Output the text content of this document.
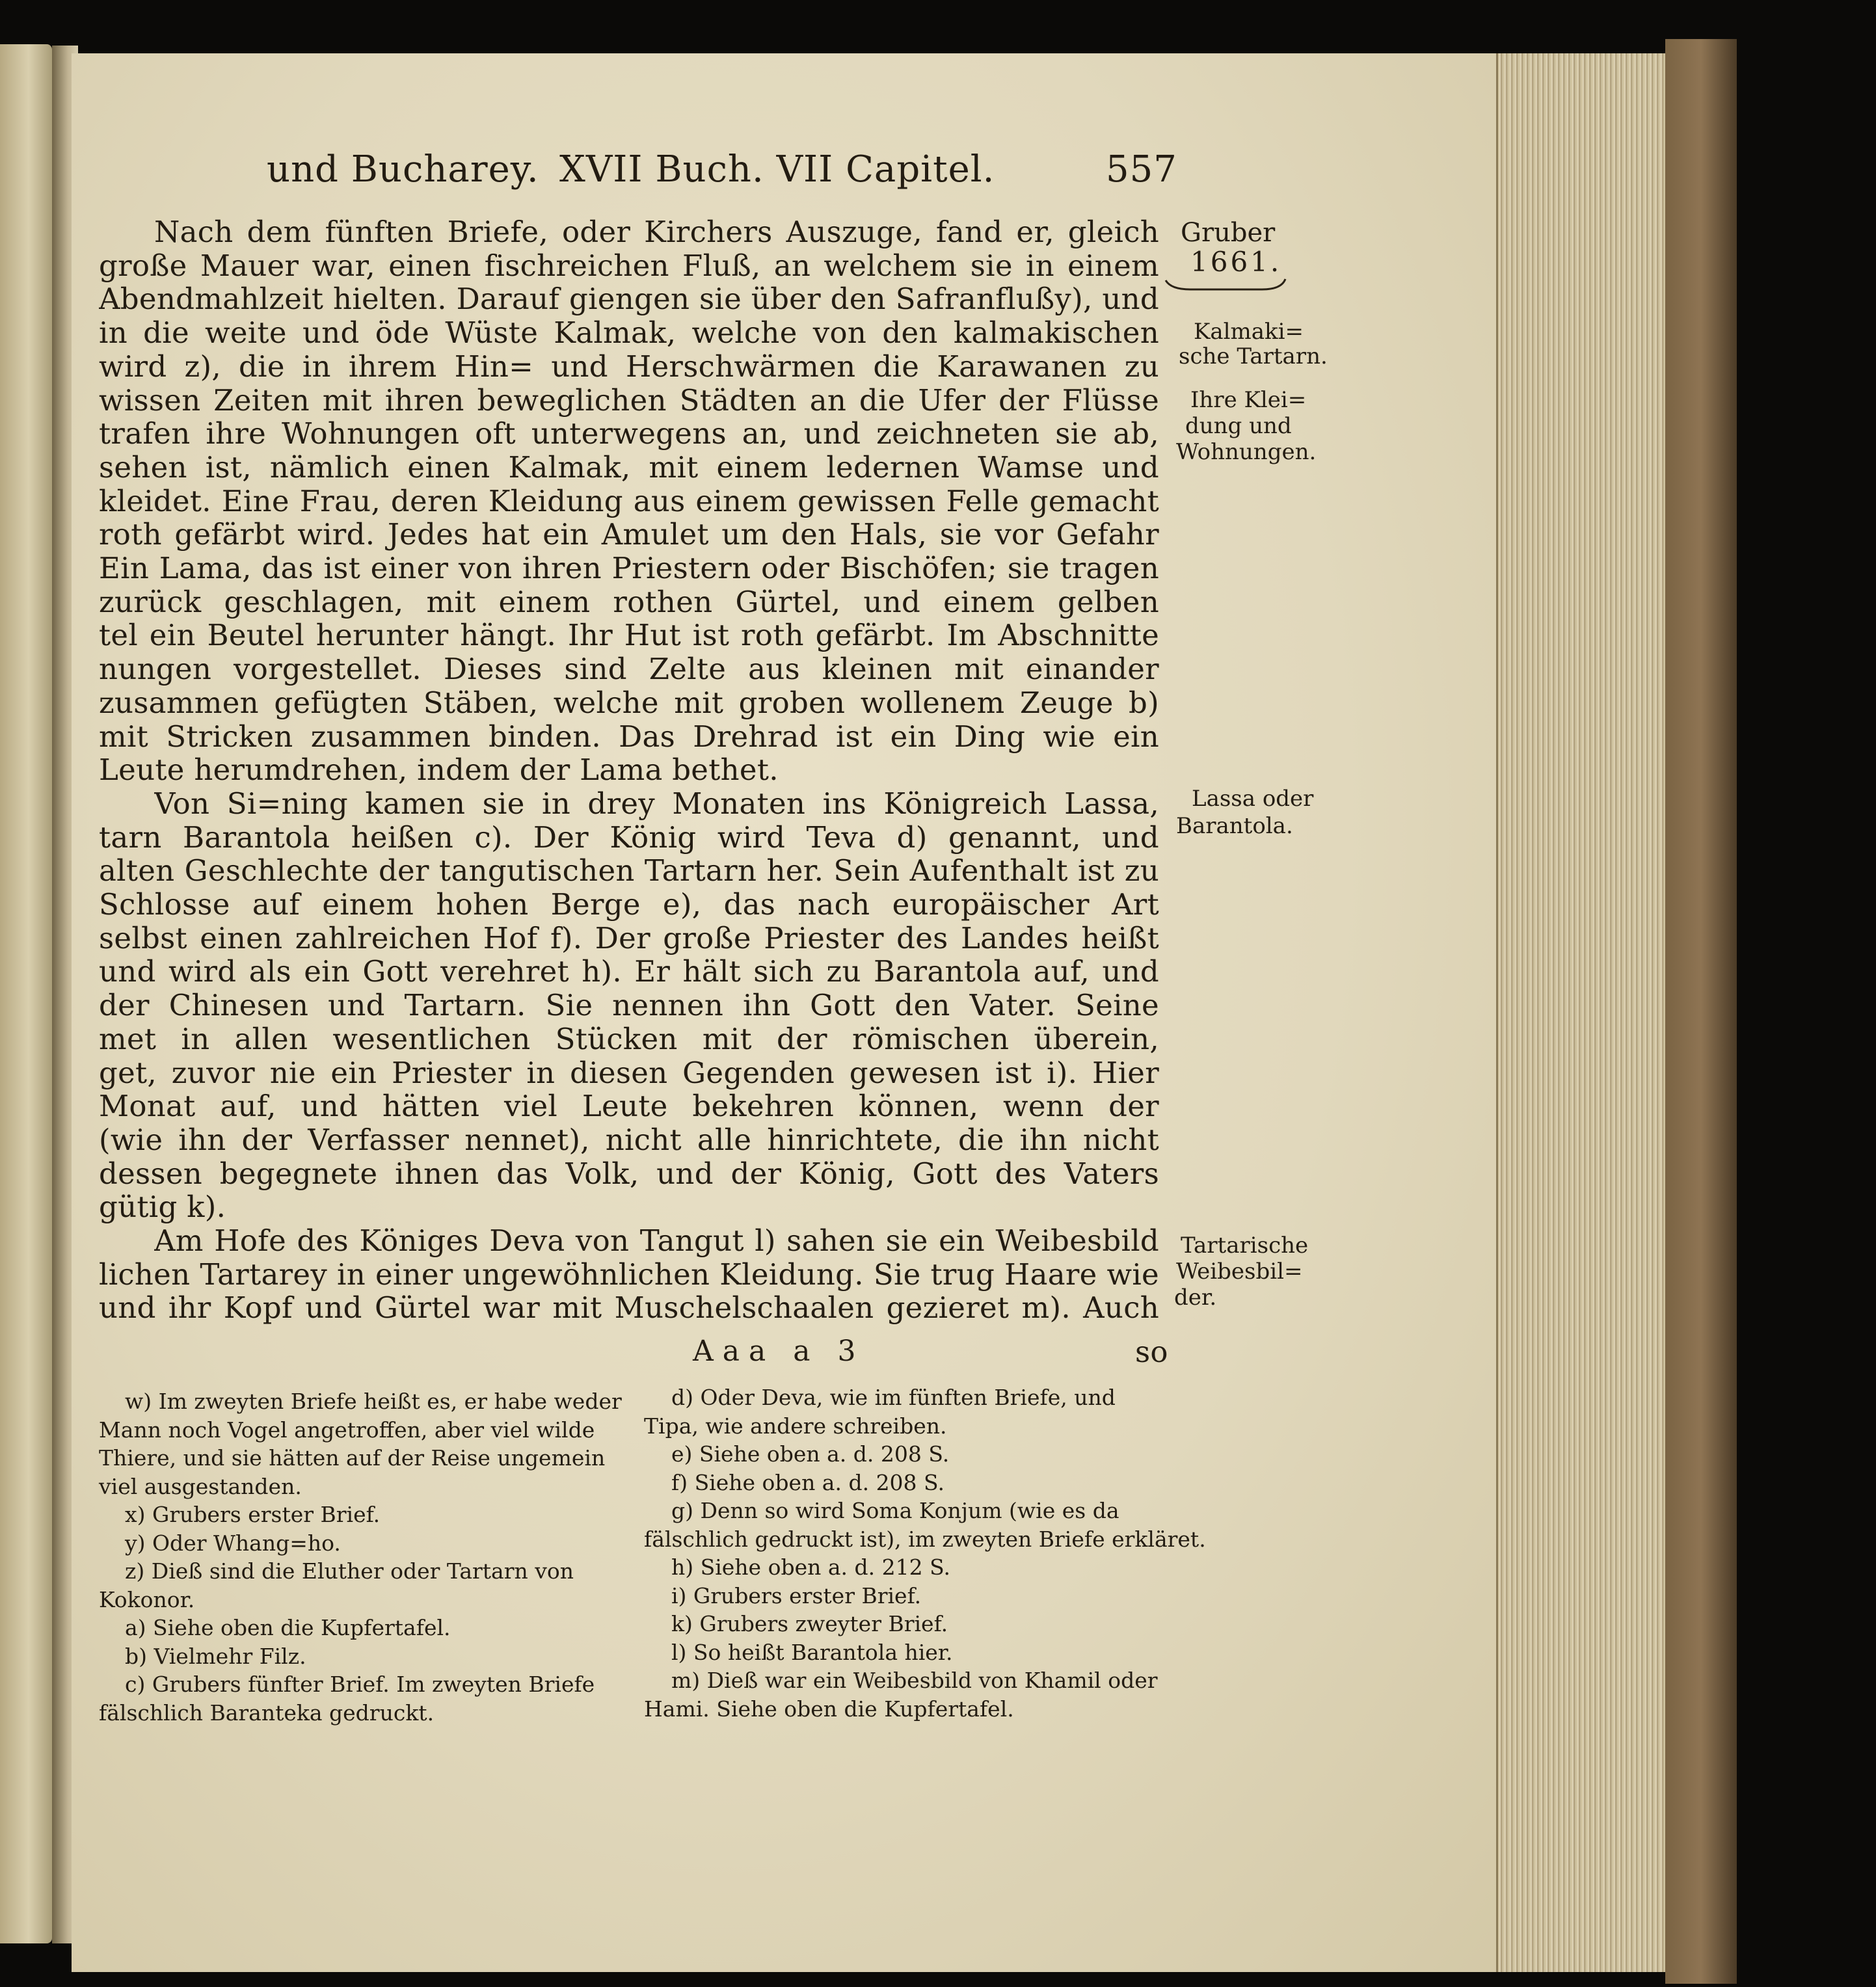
und Bucharey. XVII Buch. VII Capitel.	557
Nach dem fünften Briefe, oder Kirchers Auszuge, fand er, gleich
große Mauer war, einen fischreichen Fluß, an welchem sie in einem
Abendmahlzeit hielten. Darauf giengen sie über den Safranflußy), und
in die weite und öde Wüste Kalmak, welche von den kalmakischen
wird z), die in ihrem Hin= und Herschwärmen die Karawanen zu
wissen Zeiten mit ihren beweglichen Städten an die Ufer der Flüsse
trafen ihre Wohnungen oft unterwegens an, und zeichneten sie ab,
sehen ist, nämlich einen Kalmak, mit einem ledernen Wamse und
kleidet. Eine Frau, deren Kleidung aus einem gewissen Felle gemacht
roth gefärbt wird. Jedes hat ein Amulet um den Hals, sie vor Gefahr
Ein Lama, das ist einer von ihren Priestern oder Bischöfen; sie tragen
zurück geschlagen, mit einem rothen Gürtel, und einem gelben
tel ein Beutel herunter hängt. Ihr Hut ist roth gefärbt. Im Abschnitte
nungen vorgestellet. Dieses sind Zelte aus kleinen mit einander
zusammen gefügten Stäben, welche mit groben wollenem Zeuge b)
mit Stricken zusammen binden. Das Drehrad ist ein Ding wie ein
Leute herumdrehen, indem der Lama bethet.
Von Si=ning kamen sie in drey Monaten ins Königreich Lassa,
tarn Barantola heißen c). Der König wird Teva d) genannt, und
alten Geschlechte der tangutischen Tartarn her. Sein Aufenthalt ist zu
Schlosse auf einem hohen Berge e), das nach europäischer Art
selbst einen zahlreichen Hof f). Der große Priester des Landes heißt
und wird als ein Gott verehret h). Er hält sich zu Barantola auf, und
der Chinesen und Tartarn. Sie nennen ihn Gott den Vater. Seine
met in allen wesentlichen Stücken mit der römischen überein,
get, zuvor nie ein Priester in diesen Gegenden gewesen ist i). Hier
Monat auf, und hätten viel Leute bekehren können, wenn der
(wie ihn der Verfasser nennet), nicht alle hinrichtete, die ihn nicht
dessen begegnete ihnen das Volk, und der König, Gott des Vaters
gütig k).
Am Hofe des Königes Deva von Tangut l) sahen sie ein Weibesbild
lichen Tartarey in einer ungewöhnlichen Kleidung. Sie trug Haare wie
und ihr Kopf und Gürtel war mit Muschelschaalen gezieret m). Auch
Gruber
1661.
Kalmaki=
sche Tartarn.
Ihre Klei=
dung und
Wohnungen.
Lassa oder
Barantola.
Tartarische
Weibesbil=
der.
Aaa a 3	so
w) Im zweyten Briefe heißt es, er habe weder
Mann noch Vogel angetroffen, aber viel wilde
Thiere, und sie hätten auf der Reise ungemein
viel ausgestanden.
x) Grubers erster Brief.
y) Oder Whang=ho.
z) Dieß sind die Eluther oder Tartarn von
Kokonor.
a) Siehe oben die Kupfertafel.
b) Vielmehr Filz.
c) Grubers fünfter Brief. Im zweyten Briefe
fälschlich Baranteka gedruckt.
d) Oder Deva, wie im fünften Briefe, und
Tipa, wie andere schreiben.
e) Siehe oben a. d. 208 S.
f) Siehe oben a. d. 208 S.
g) Denn so wird Soma Konjum (wie es da
fälschlich gedruckt ist), im zweyten Briefe erkläret.
h) Siehe oben a. d. 212 S.
i) Grubers erster Brief.
k) Grubers zweyter Brief.
l) So heißt Barantola hier.
m) Dieß war ein Weibesbild von Khamil oder
Hami. Siehe oben die Kupfertafel.
